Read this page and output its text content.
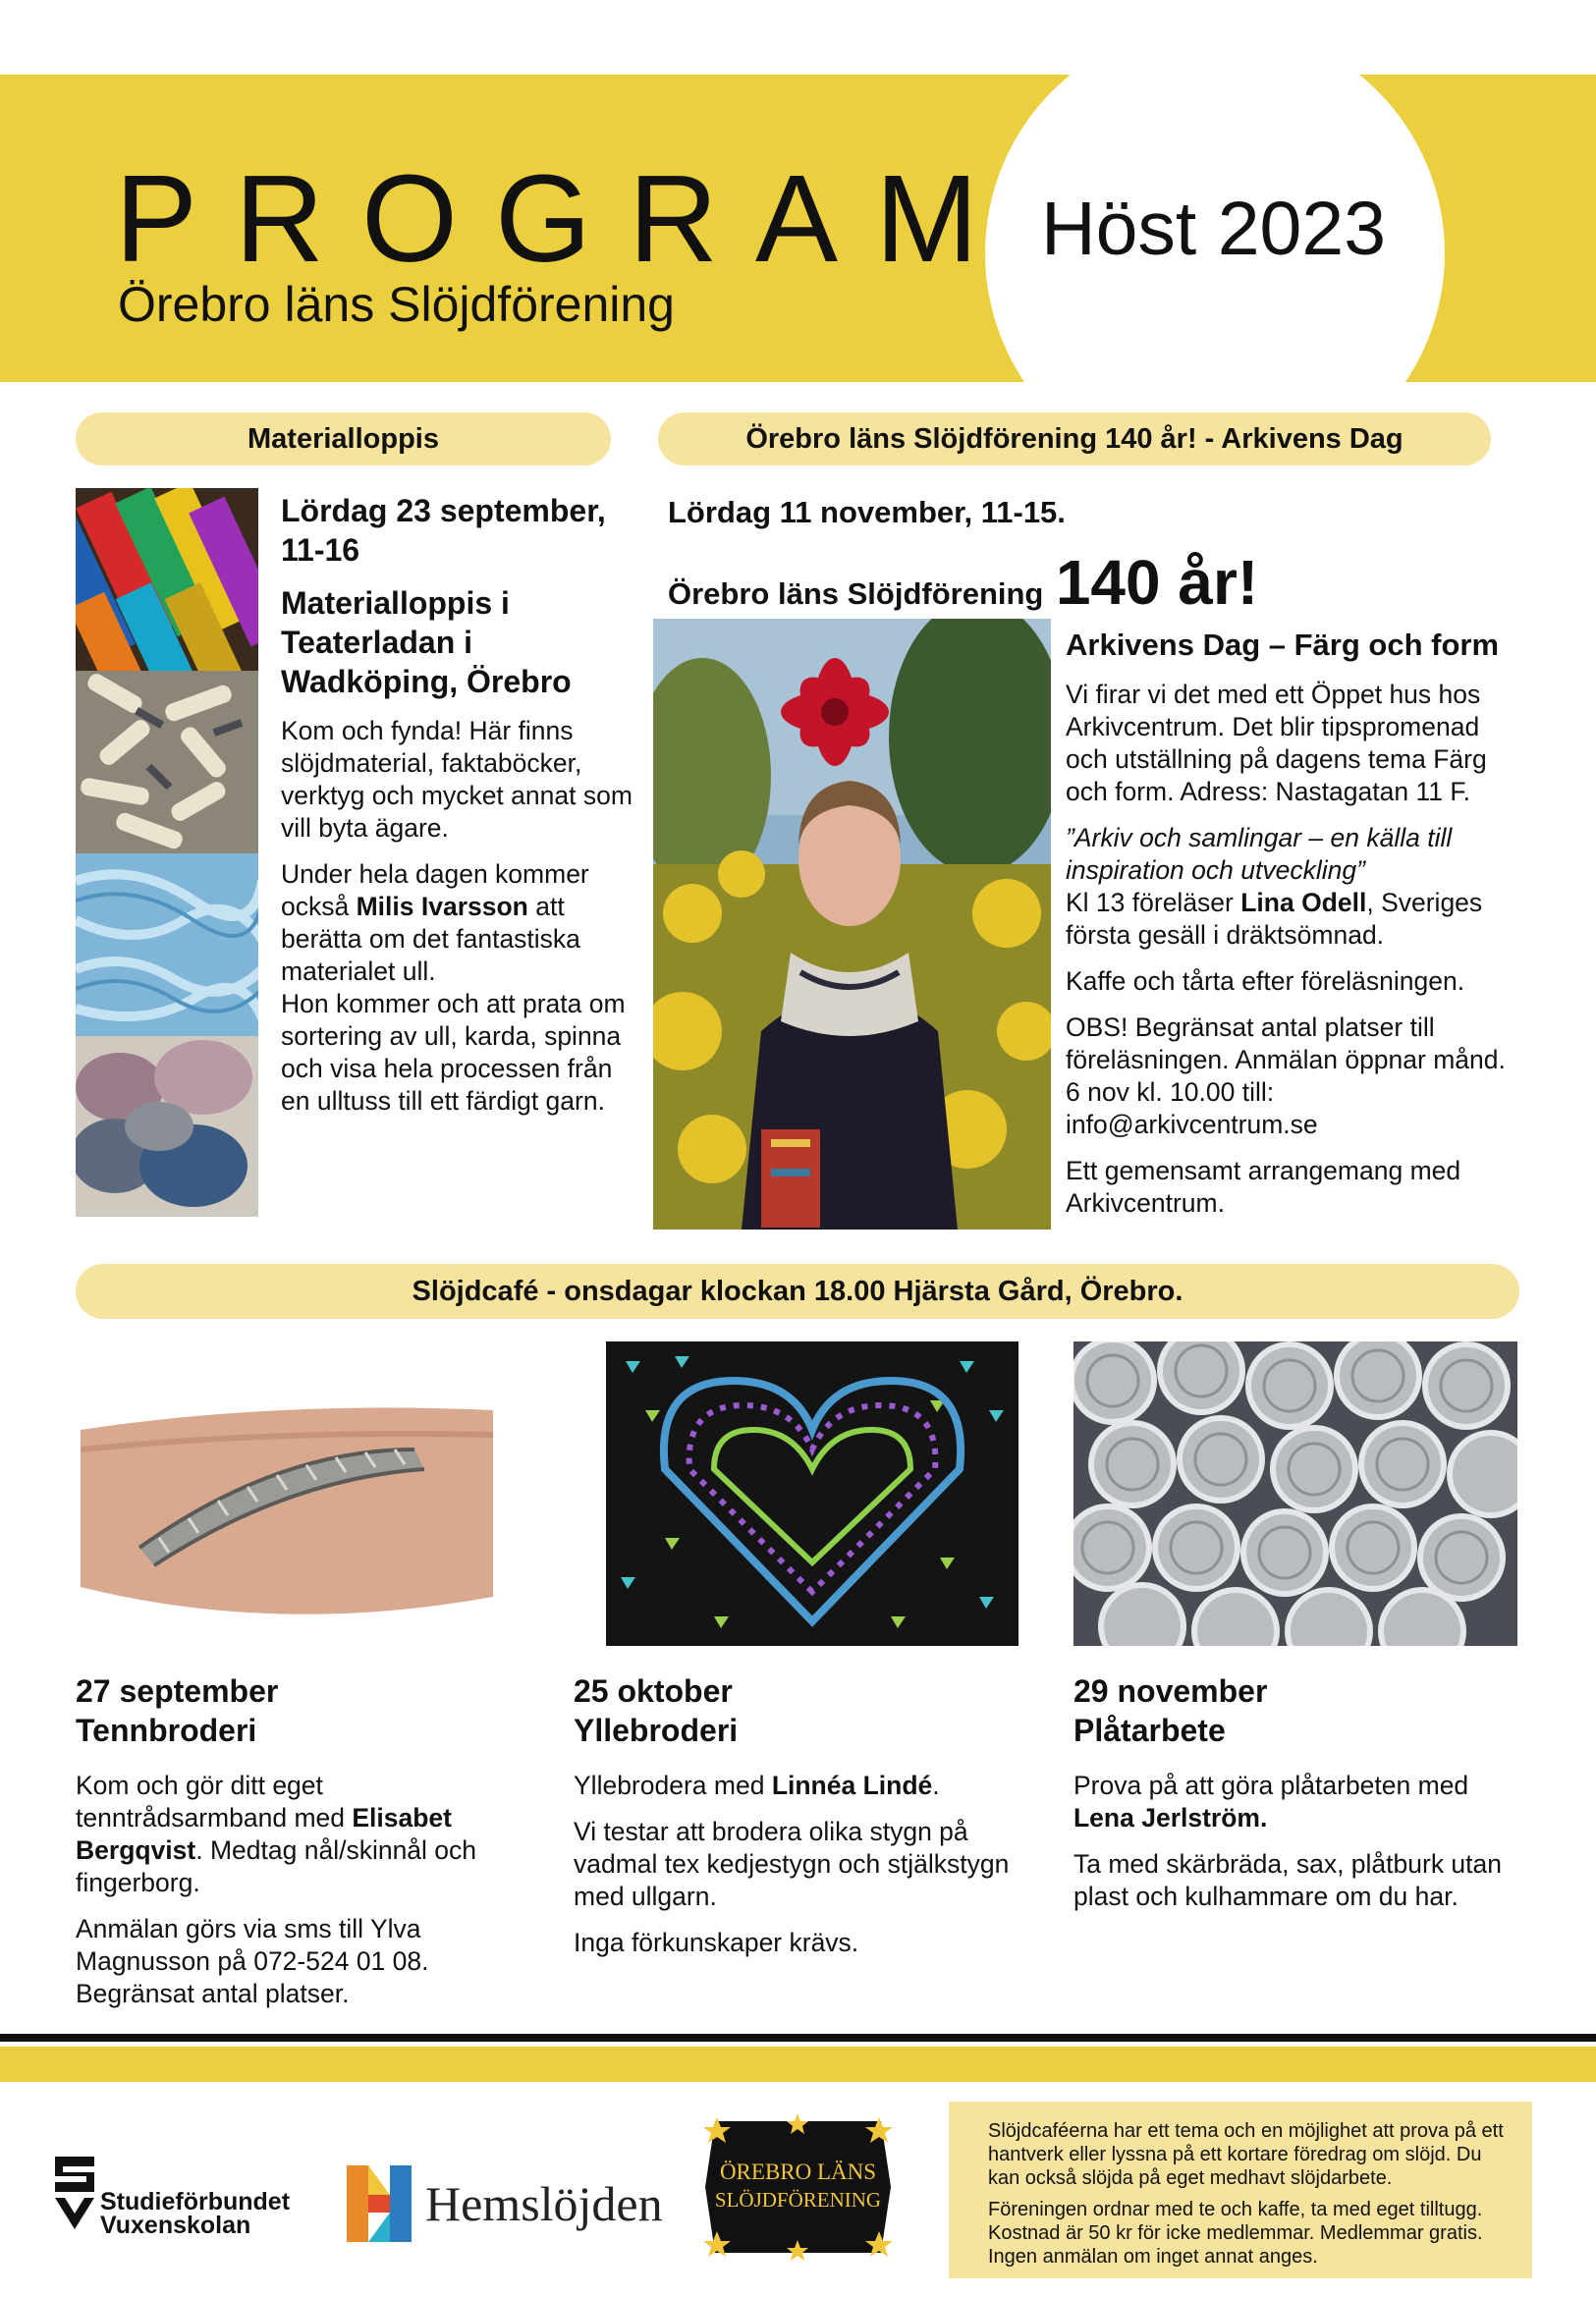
PROGRAM
Örebro läns Slöjdförening
Höst 2023
Materialloppis	Örebro läns Slöjdförening 140 år! - Arkivens Dag

Lördag 23 september, 11-16

Materialloppis i Teaterladan i Wadköping, Örebro

Kom och fynda! Här finns slöjdmaterial, faktaböcker, verktyg och mycket annat som vill byta ägare.

Under hela dagen kommer också Milis Ivarsson att berätta om det fantastiska materialet ull.

Hon kommer och att prata om sortering av ull, karda, spinna och visa hela processen från en ulltuss till ett färdigt garn.

Lördag 11 november, 11-15.

Örebro läns Slöjdförening 140 år!

Arkivens Dag – Färg och form

Vi firar vi det med ett Öppet hus hos Arkivcentrum. Det blir tipspromenad och utställning på dagens tema Färg och form. Adress: Nastagatan 11 F.

”Arkiv och samlingar – en källa till inspiration och utveckling”

Kl 13 föreläser Lina Odell, Sveriges första gesäll i dräktsömnad.

Kaffe och tårta efter föreläsningen.

OBS! Begränsat antal platser till föreläsningen. Anmälan öppnar månd. 6 nov kl. 10.00 till: info@arkivcentrum.se

Ett gemensamt arrangemang med Arkivcentrum.

Slöjdcafé - onsdagar klockan 18.00 Hjärsta Gård, Örebro.

27 september

Tennbroderi

Kom och gör ditt eget tenntrådsarmband med Elisabet Bergqvist. Medtag nål/skinnål och fingerborg.

Anmälan görs via sms till Ylva Magnusson på 072-524 01 08. Begränsat antal platser.

25 oktober

Yllebroderi

Yllebrodera med Linnéa Lindé.

Vi testar att brodera olika stygn på vadmal tex kedjestygn och stjälkstygn med ullgarn.

Inga förkunskaper krävs.

29 november

Plåtarbete

Prova på att göra plåtarbeten med
Lena Jerlström.

Ta med skärbräda, sax, plåtburk utan plast och kulhammare om du har.

Studieförbundet
Vuxenskolan	Hemslöjden
ÖREBRO LÄNS
SLÖJDFÖRENING

Slöjdcaféerna har ett tema och en möjlighet att prova på ett hantverk eller lyssna på ett kortare föredrag om slöjd. Du kan också slöjda på eget medhavt slöjdarbete.

Föreningen ordnar med te och kaffe, ta med eget tilltugg. Kostnad är 50 kr för icke medlemmar. Medlemmar gratis. Ingen anmälan om inget annat anges.
